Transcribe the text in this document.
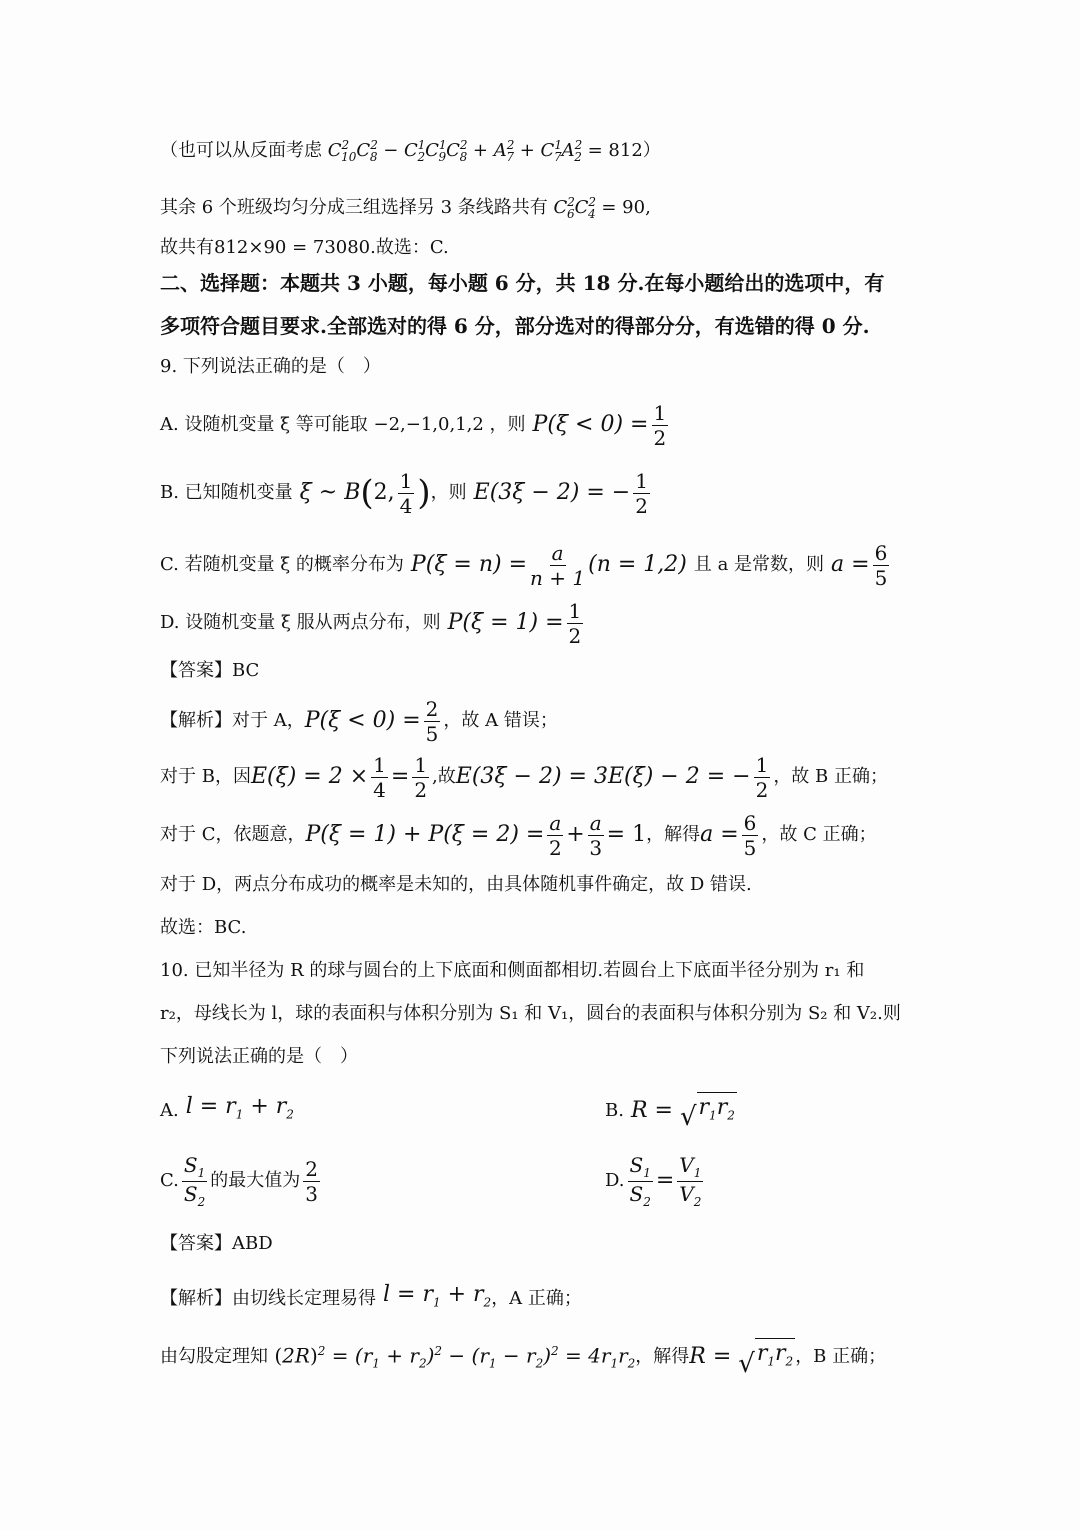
（也可以从反面考虑 $C^2_{10}C^2_8 - C^1_2C^1_9C^2_8 + A^2_7 + C^1_7A^2_2 = 812$ ）
其余 6 个班级均匀分成三组选择另 3 条线路共有 $C^2_6C^2_4 = 90$,
故共有812×90 = 73080.故选：C.
二、选择题：本题共 3 小题，每小题 6 分，共 18 分.在每小题给出的选项中，有
多项符合题目要求.全部选对的得 6 分，部分选对的得部分分，有选错的得 0 分.
9. 下列说法正确的是（　）
A. 设随机变量 ξ 等可能取 −2,−1,0,1,2 ，则 $P(\xi < 0) = \frac{1}{2}$
B. 已知随机变量 ξ ~ B ( 2, $\frac{1}{4}$ ) ，则 E(3ξ − 2) = − $\frac{1}{2}$
C. 若随机变量 ξ 的概率分布为 $P(\xi = n) = \frac{a}{n + 1} (n = 1,2)$ 且 a 是常数，则 $a = \frac{6}{5}$
D. 设随机变量 ξ 服从两点分布，则 $P(\xi = 1) = \frac{1}{2}$
【答案】BC
【解析】对于 A， $P(\xi < 0) = \frac{2}{5}$ ，故 A 错误；
对于 B，因 $E(\xi) = 2 \times \frac{1}{4} = \frac{1}{2}$ ,故 E(3ξ − 2) = 3E(ξ) − 2 = − $\frac{1}{2}$ ，故 B 正确；
对于 C，依题意， $P(\xi = 1) + P(\xi = 2) = \frac{a}{2} + \frac{a}{3} = 1$ ，解得 $a = \frac{6}{5}$ ，故 C 正确；
对于 D，两点分布成功的概率是未知的，由具体随机事件确定，故 D 错误.
故选：BC.
10. 已知半径为 R 的球与圆台的上下底面和侧面都相切.若圆台上下底面半径分别为 r₁ 和
r₂，母线长为 l，球的表面积与体积分别为 S₁ 和 V₁，圆台的表面积与体积分别为 S₂ 和 V₂.则
下列说法正确的是（　）
A. $l = r_1 + r_2$	B. R = √ $r_1r_2$
C. $\frac{S_1}{S_2}$ 的最大值为 $\frac{2}{3}$	D. $\frac{S_1}{S_2} = \frac{V_1}{V_2}$
【答案】ABD
【解析】由切线长定理易得 $l = r_1 + r_2$ ，A 正确；
由勾股定理知 $(2R)^2 = (r_1 + r_2)^2 - (r_1 - r_2)^2 = 4r_1r_2$ ，解得 R = √ $r_1r_2$ ，B 正确；
